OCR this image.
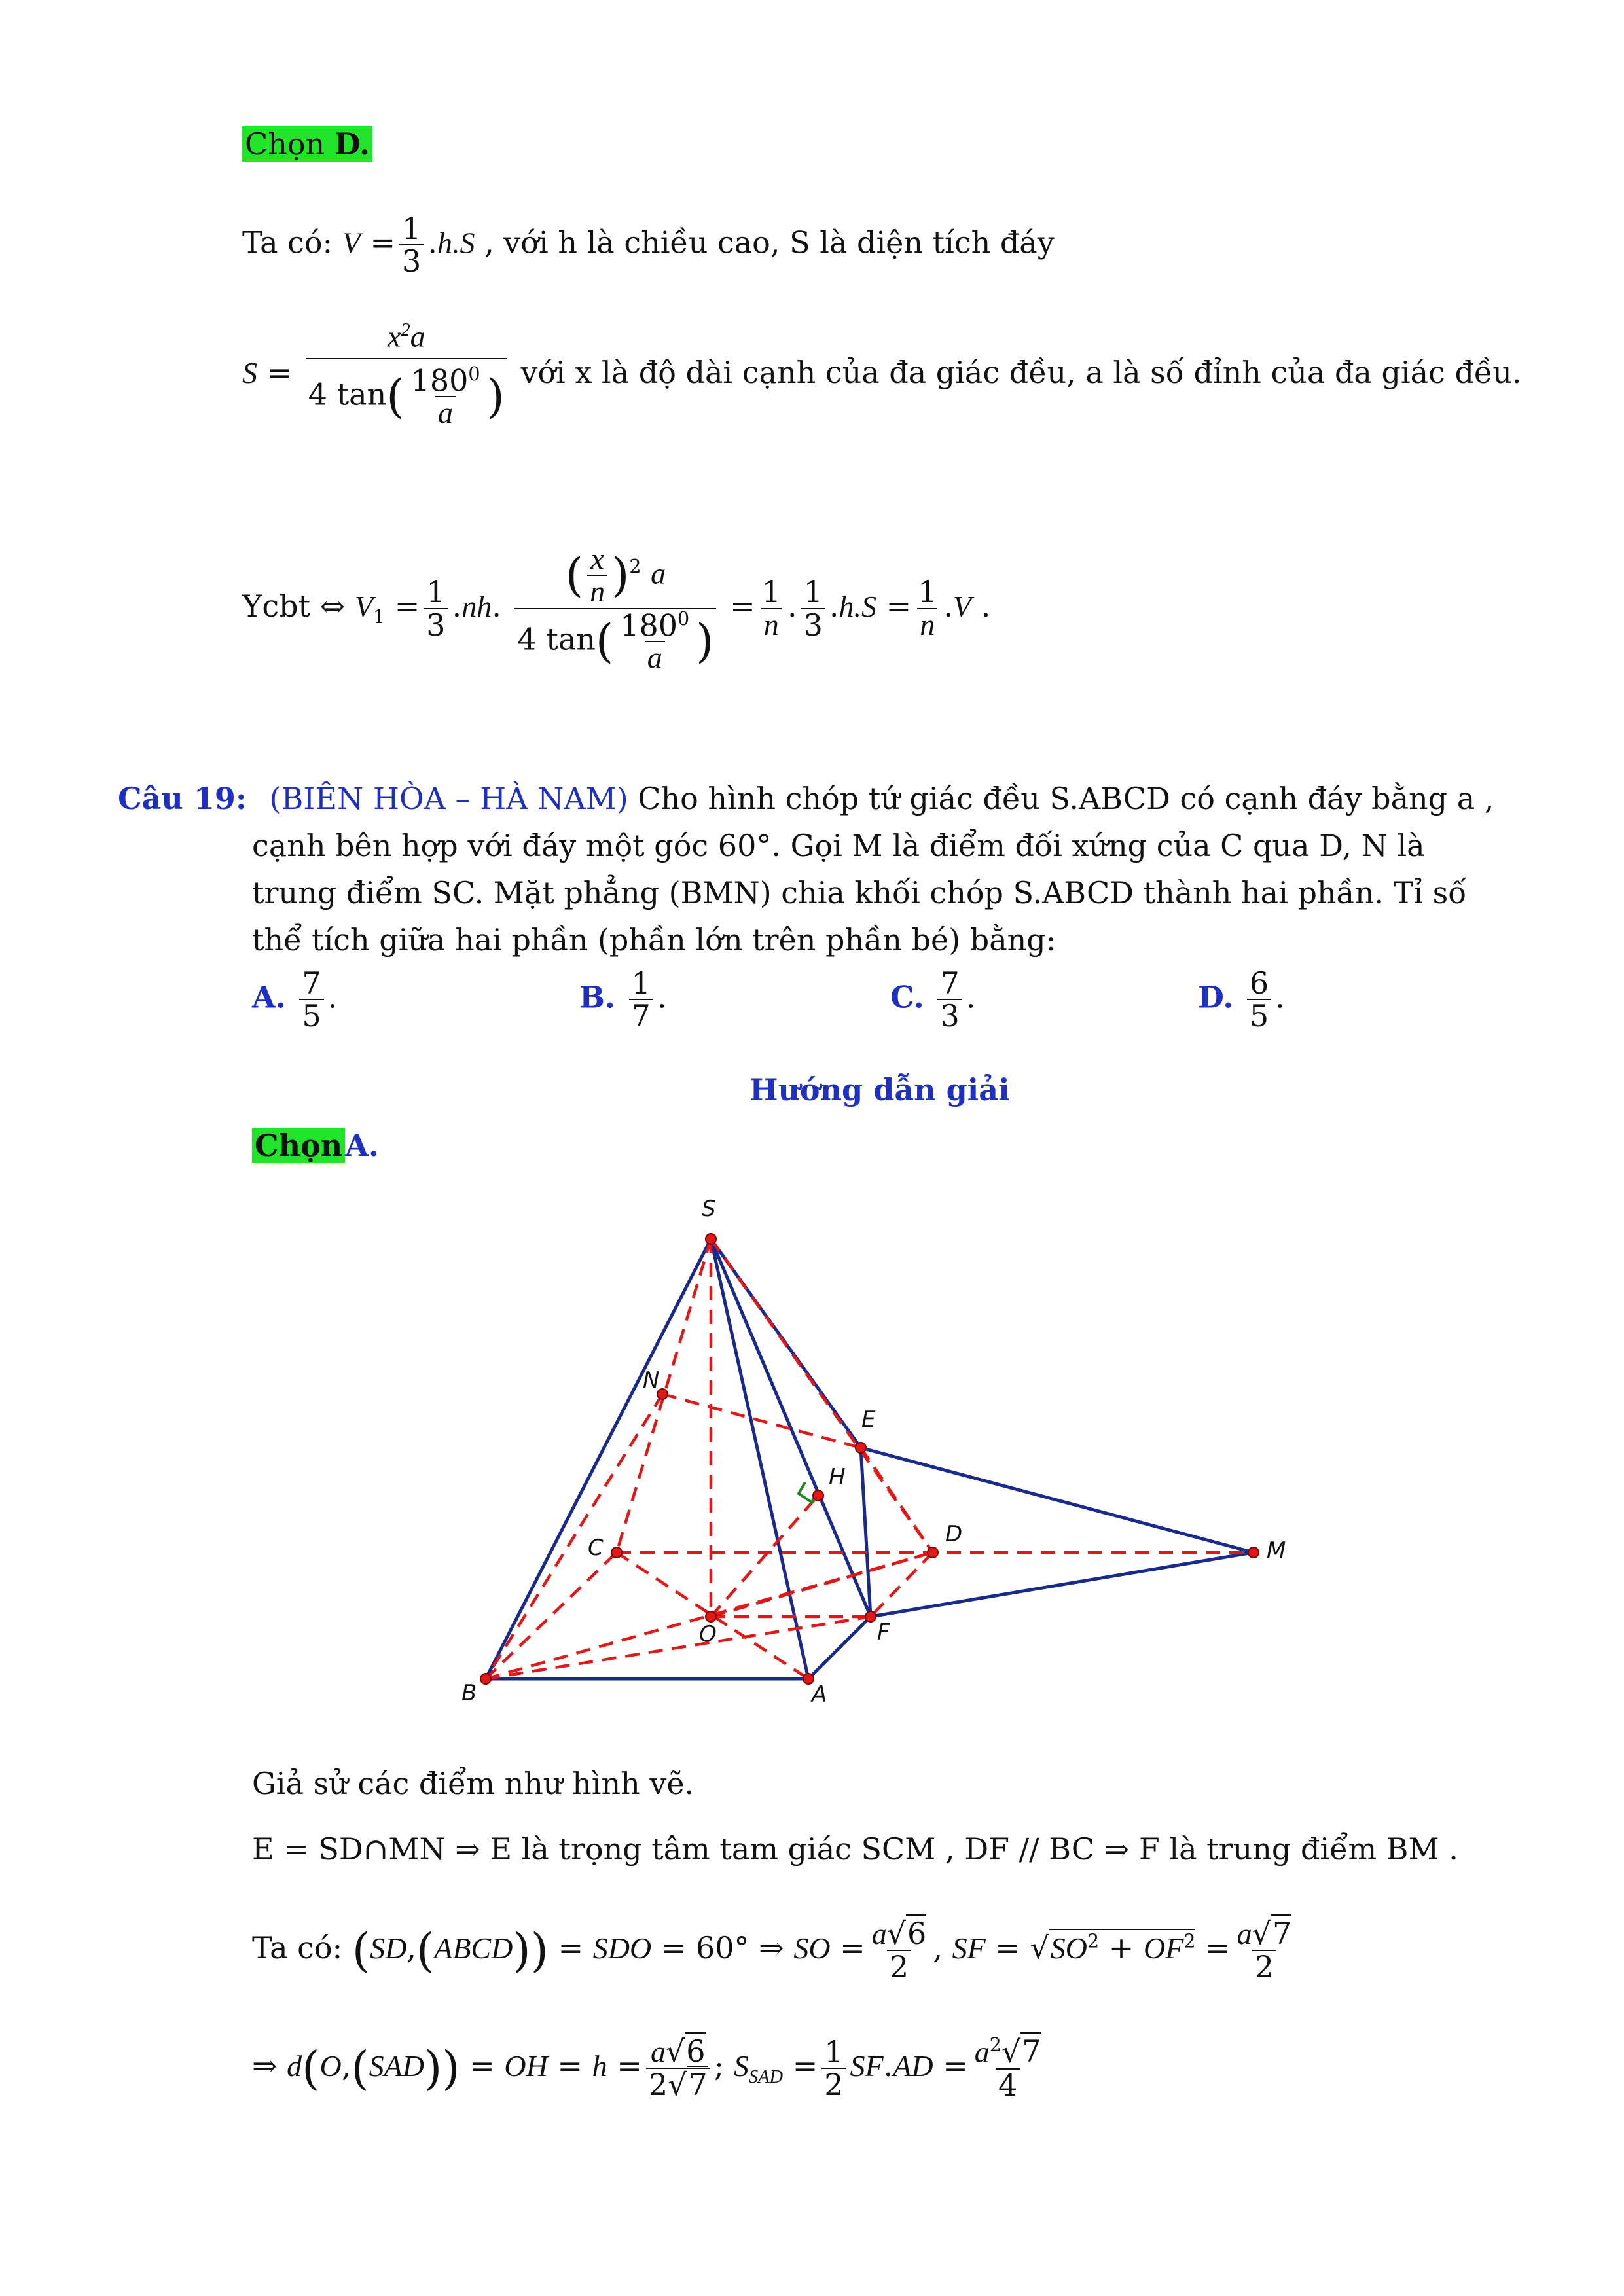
Chọn D.
Ta có: $V = \frac{1}{3} .h.S$ , với h là chiều cao, S là diện tích đáy
$S = \frac{x^2a}{4 \tan( \frac{180^0}{a} )}$ với x là độ dài cạnh của đa giác đều, a là số đỉnh của đa giác đều.
Ycbt ⇔ $V_1 = \frac{1}{3} .nh$. $\frac{( \frac{x}{n} )^2 a}{4 \tan( \frac{180^0}{a} )} = \frac{1}{n}$ . $\frac{1}{3} .h.S = \frac{1}{n} .V$ .
Câu 19: (BIÊN HÒA – HÀ NAM) Cho hình chóp tứ giác đều S.ABCD có cạnh đáy bằng a ,
cạnh bên hợp với đáy một góc 60°. Gọi M là điểm đối xứng của C qua D, N là
trung điểm SC. Mặt phẳng (BMN) chia khối chóp S.ABCD thành hai phần. Tỉ số
thể tích giữa hai phần (phần lớn trên phần bé) bằng:
A. $\frac{7}{5}$ .	B. $\frac{1}{7}$ .	C. $\frac{7}{3}$ .	D. $\frac{6}{5}$ .
Hướng dẫn giải
ChọnA.
S
N
E
H
C
D
M
O	F
B	A
Giả sử các điểm như hình vẽ.
E = SD∩MN ⇒ E là trọng tâm tam giác SCM , DF // BC ⇒ F là trung điểm BM .
Ta có: (SD,(ABCD)) = SDO = 60° ⇒ SO = $\frac{a√6}{2}$ , SF = $√SO^2 + OF^2 = \frac{a√7}{2}$
⇒ d(O,(SAD)) = OH = $h = \frac{a√6}{2√7}$ ; $S_{SAD} = \frac{1}{2} SF.AD = \frac{a^2√7}{4}$
